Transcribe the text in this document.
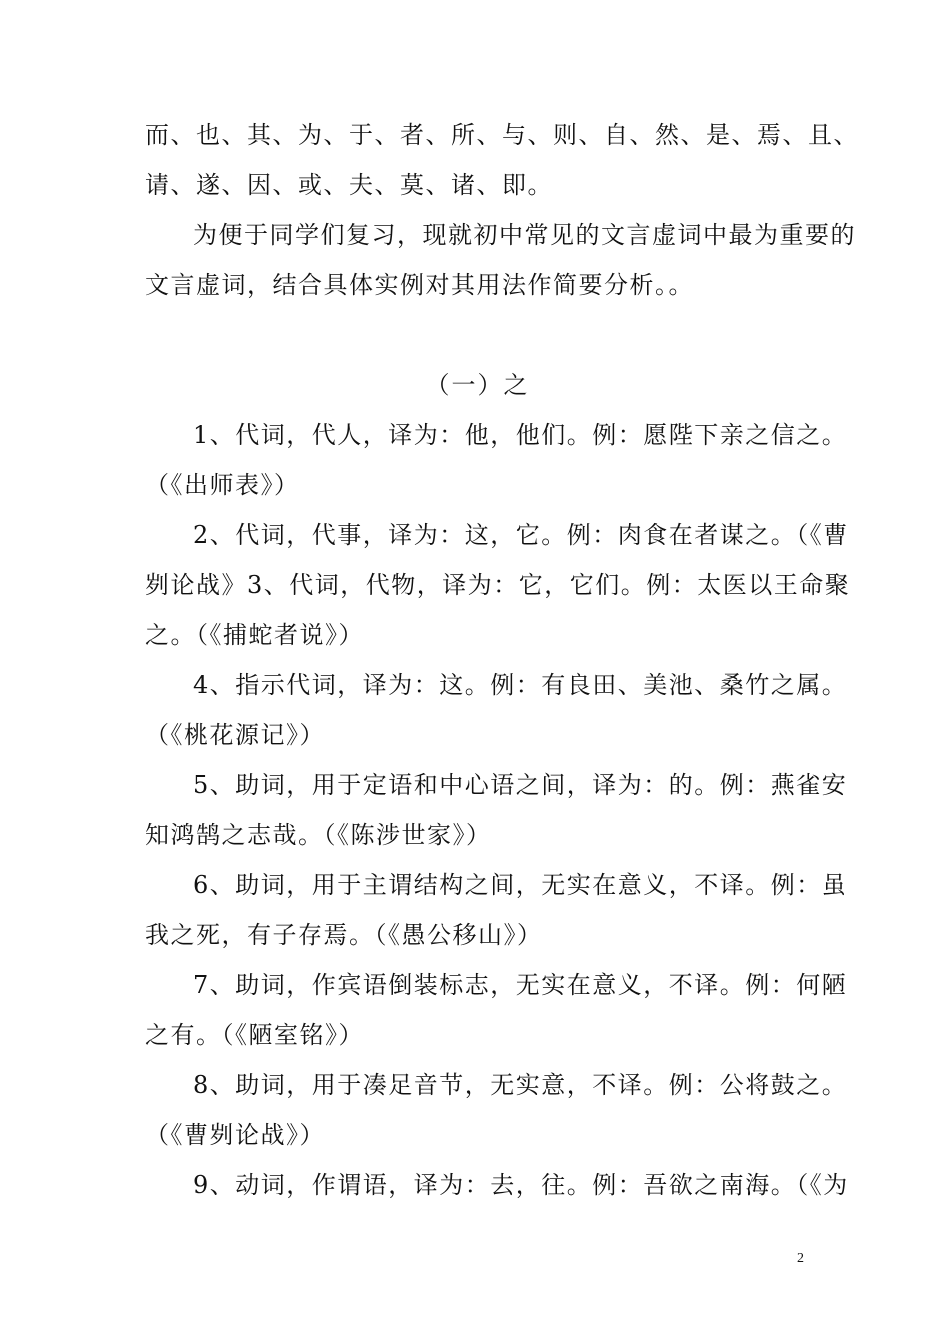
而、也、其、为、于、者、所、与、则、自、然、是、焉、且、
请、遂、因、或、夫、莫、诸、即。
为便于同学们复习，现就初中常见的文言虚词中最为重要的
文言虚词，结合具体实例对其用法作简要分析。。
（一）之
1、代词，代人，译为：他，他们。例：愿陛下亲之信之。
（《出师表》）
2、代词，代事，译为：这，它。例：肉食在者谋之。（《曹
刿论战》3、代词，代物，译为：它，它们。例：太医以王命聚
之。（《捕蛇者说》）
4、指示代词，译为：这。例：有良田、美池、桑竹之属。
（《桃花源记》）
5、助词，用于定语和中心语之间，译为：的。例：燕雀安
知鸿鹄之志哉。（《陈涉世家》）
6、助词，用于主谓结构之间，无实在意义，不译。例：虽
我之死，有子存焉。（《愚公移山》）
7、助词，作宾语倒装标志，无实在意义，不译。例：何陋
之有。（《陋室铭》）
8、助词，用于凑足音节，无实意，不译。例：公将鼓之。
（《曹刿论战》）
9、动词，作谓语，译为：去，往。例：吾欲之南海。（《为
2
